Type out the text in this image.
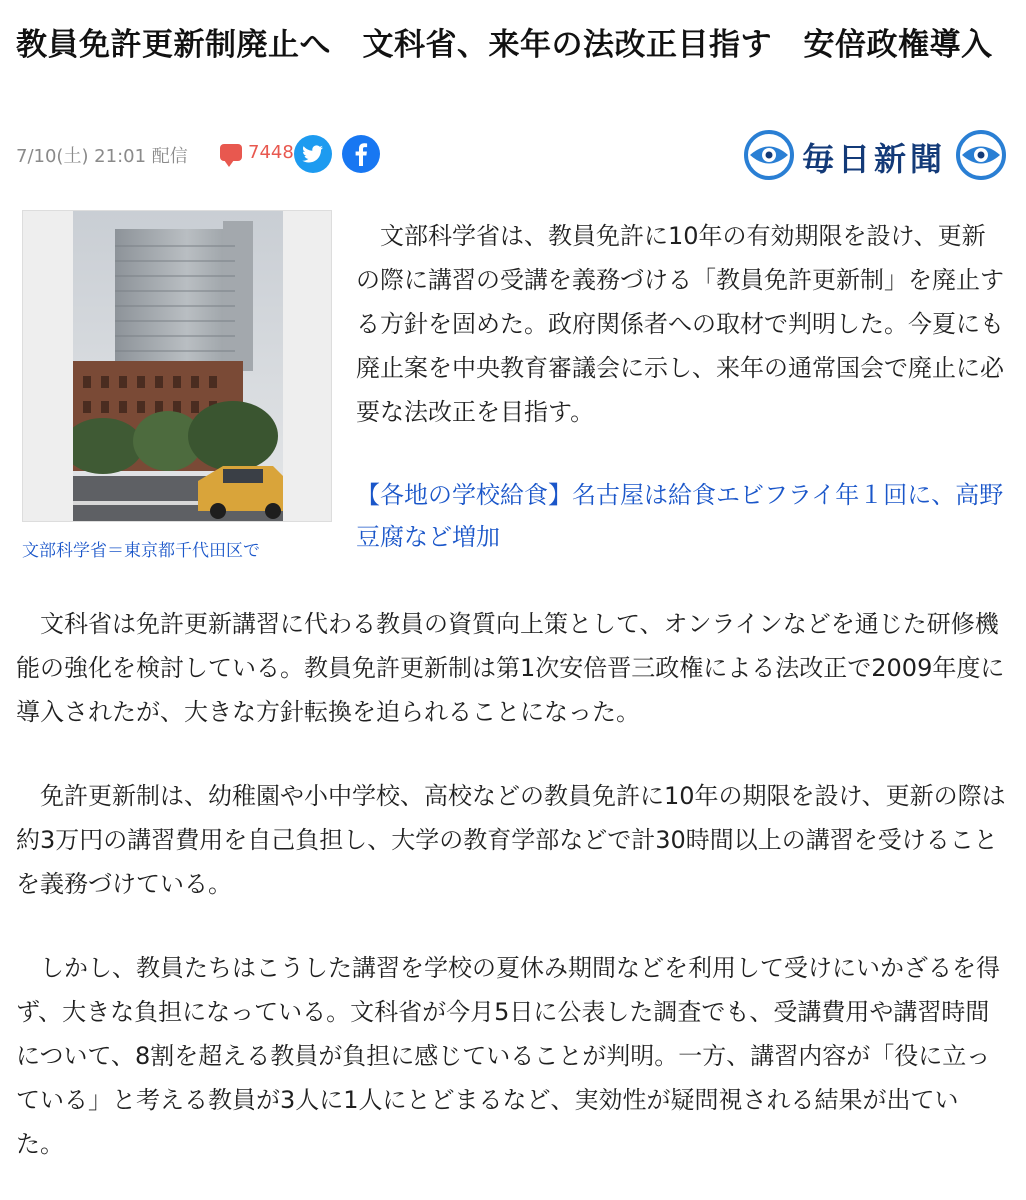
教員免許更新制廃止へ　文科省、来年の法改正目指す　安倍政権導入
7/10(土) 21:01 配信	7448	毎日新聞
文部科学省＝東京都千代田区で

　文部科学省は、教員免許に10年の有効期限を設け、更新の際に講習の受講を義務づける「教員免許更新制」を廃止する方針を固めた。政府関係者への取材で判明した。今夏にも廃止案を中央教育審議会に示し、来年の通常国会で廃止に必要な法改正を目指す。

【各地の学校給食】名古屋は給食エビフライ年１回に、高野豆腐など増加

　文科省は免許更新講習に代わる教員の資質向上策として、オンラインなどを通じた研修機能の強化を検討している。教員免許更新制は第1次安倍晋三政権による法改正で2009年度に導入されたが、大きな方針転換を迫られることになった。

　免許更新制は、幼稚園や小中学校、高校などの教員免許に10年の期限を設け、更新の際は約3万円の講習費用を自己負担し、大学の教育学部などで計30時間以上の講習を受けることを義務づけている。

　しかし、教員たちはこうした講習を学校の夏休み期間などを利用して受けにいかざるを得ず、大きな負担になっている。文科省が今月5日に公表した調査でも、受講費用や講習時間について、8割を超える教員が負担に感じていることが判明。一方、講習内容が「役に立っている」と考える教員が3人に1人にとどまるなど、実効性が疑問視される結果が出ていた。
